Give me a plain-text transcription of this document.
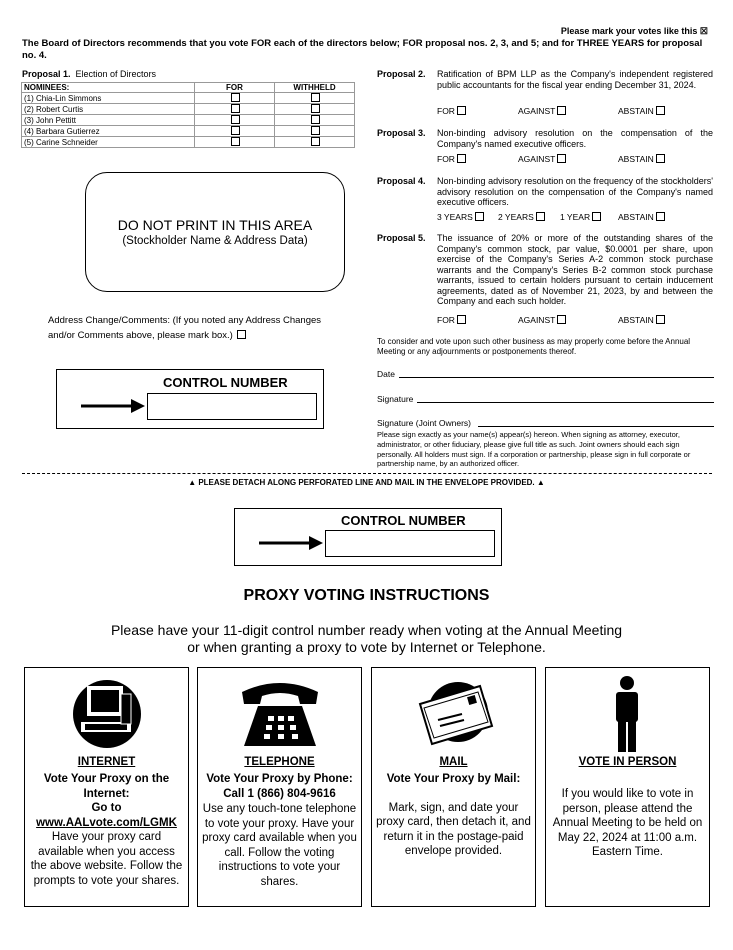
Please mark your votes like this ☒
The Board of Directors recommends that you vote FOR each of the directors below; FOR proposal nos. 2, 3, and 5; and for THREE YEARS for proposal no. 4.
Proposal 1. Election of Directors
NOMINEES:	FOR	WITHHELD
(1) Chia-Lin Simmons		
(2) Robert Curtis		
(3) John Pettitt		
(4) Barbara Gutierrez		
(5) Carine Schneider		
DO NOT PRINT IN THIS AREA
(Stockholder Name & Address Data)
Address Change/Comments: (If you noted any Address Changes
and/or Comments above, please mark box.)
CONTROL NUMBER
Proposal 2. Ratification of BPM LLP as the Company's independent registered public accountants for the fiscal year ending December 31, 2024.
FOR	AGAINST	ABSTAIN
Proposal 3. Non-binding advisory resolution on the compensation of the Company's named executive officers.
FOR	AGAINST	ABSTAIN
Proposal 4. Non-binding advisory resolution on the frequency of the stockholders' advisory resolution on the compensation of the Company's named executive officers.
3 YEARS	2 YEARS	1 YEAR	ABSTAIN
Proposal 5. The issuance of 20% or more of the outstanding shares of the Company's common stock, par value, $0.0001 per share, upon exercise of the Company's Series A-2 common stock purchase warrants and the Company's Series B-2 common stock purchase warrants, issued to certain holders pursuant to certain inducement agreements, dated as of November 21, 2023, by and between the Company and each such holder.
FOR	AGAINST	ABSTAIN
To consider and vote upon such other business as may properly come before the Annual Meeting or any adjournments or postponements thereof.
Date
Signature
Signature (Joint Owners)
Please sign exactly as your name(s) appear(s) hereon. When signing as attorney, executor, administrator, or other fiduciary, please give full title as such. Joint owners should each sign personally. All holders must sign. If a corporation or partnership, please sign in full corporate or partnership name, by an authorized officer.
▲ PLEASE DETACH ALONG PERFORATED LINE AND MAIL IN THE ENVELOPE PROVIDED. ▲
CONTROL NUMBER
PROXY VOTING INSTRUCTIONS
Please have your 11-digit control number ready when voting at the Annual Meeting
or when granting a proxy to vote by Internet or Telephone.
INTERNET
Vote Your Proxy on the Internet:
Go to
www.AALvote.com/LGMK
Have your proxy card available when you access the above website. Follow the prompts to vote your shares.
TELEPHONE
Vote Your Proxy by Phone:
Call 1 (866) 804-9616
Use any touch-tone telephone to vote your proxy. Have your proxy card available when you call. Follow the voting instructions to vote your shares.
MAIL
Vote Your Proxy by Mail:
Mark, sign, and date your proxy card, then detach it, and return it in the postage-paid envelope provided.
VOTE IN PERSON
If you would like to vote in person, please attend the Annual Meeting to be held on May 22, 2024 at 11:00 a.m. Eastern Time.
